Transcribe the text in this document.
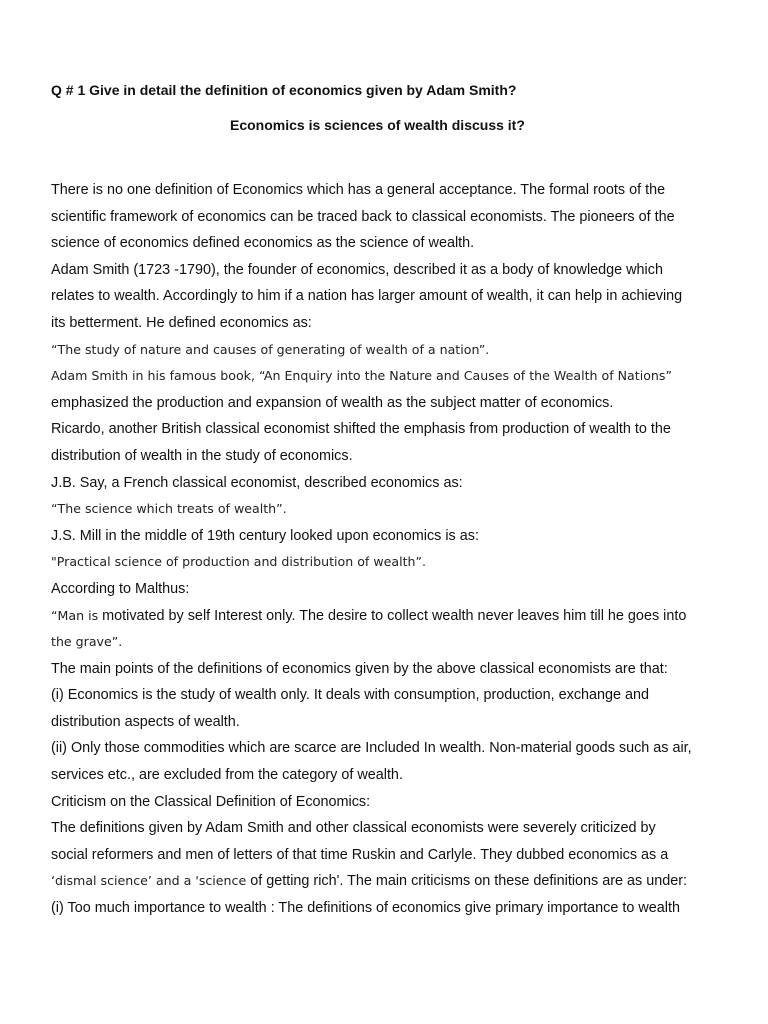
Q # 1 Give in detail the definition of economics given by Adam Smith?
Economics is sciences of wealth discuss it?
There is no one definition of Economics which has a general acceptance. The formal roots of the
scientific framework of economics can be traced back to classical economists. The pioneers of the
science of economics defined economics as the science of wealth.
Adam Smith (1723 -1790), the founder of economics, described it as a body of knowledge which
relates to wealth. Accordingly to him if a nation has larger amount of wealth, it can help in achieving
its betterment. He defined economics as:
“The study of nature and causes of generating of wealth of a nation”.
Adam Smith in his famous book, “An Enquiry into the Nature and Causes of the Wealth of Nations”
emphasized the production and expansion of wealth as the subject matter of economics.
Ricardo, another British classical economist shifted the emphasis from production of wealth to the
distribution of wealth in the study of economics.
J.B. Say, a French classical economist, described economics as:
“The science which treats of wealth”.
J.S. Mill in the middle of 19th century looked upon economics is as:
"Practical science of production and distribution of wealth”.
According to Malthus:
“Man is motivated by self Interest only. The desire to collect wealth never leaves him till he goes into
the grave”.
The main points of the definitions of economics given by the above classical economists are that:
(i) Economics is the study of wealth only. It deals with consumption, production, exchange and
distribution aspects of wealth.
(ii) Only those commodities which are scarce are Included In wealth. Non-material goods such as air,
services etc., are excluded from the category of wealth.
Criticism on the Classical Definition of Economics:
The definitions given by Adam Smith and other classical economists were severely criticized by
social reformers and men of letters of that time Ruskin and Carlyle. They dubbed economics as a
‘dismal science’ and a 'science of getting rich'. The main criticisms on these definitions are as under:
(i) Too much importance to wealth : The definitions of economics give primary importance to wealth
